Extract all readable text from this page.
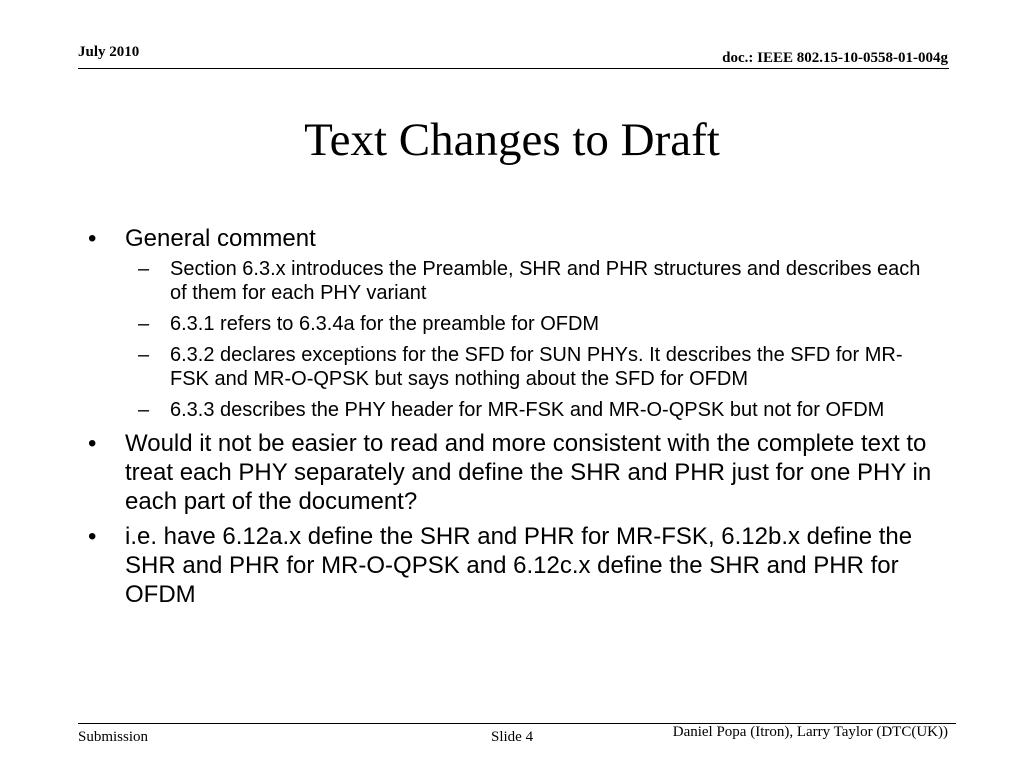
July 2010	doc.: IEEE 802.15-10-0558-01-004g
Text Changes to Draft
• General comment
– Section 6.3.x introduces the Preamble, SHR and PHR structures and describes each of them for each PHY variant
– 6.3.1 refers to 6.3.4a for the preamble for OFDM
– 6.3.2 declares exceptions for the SFD for SUN PHYs. It describes the SFD for MR-FSK and MR-O-QPSK but says nothing about the SFD for OFDM
– 6.3.3 describes the PHY header for MR-FSK and MR-O-QPSK but not for OFDM
• Would it not be easier to read and more consistent with the complete text to treat each PHY separately and define the SHR and PHR just for one PHY in each part of the document?
• i.e. have 6.12a.x define the SHR and PHR for MR-FSK, 6.12b.x define the SHR and PHR for MR-O-QPSK and 6.12c.x define the SHR and PHR for OFDM
Submission	Slide 4	Daniel Popa (Itron), Larry Taylor (DTC(UK))
